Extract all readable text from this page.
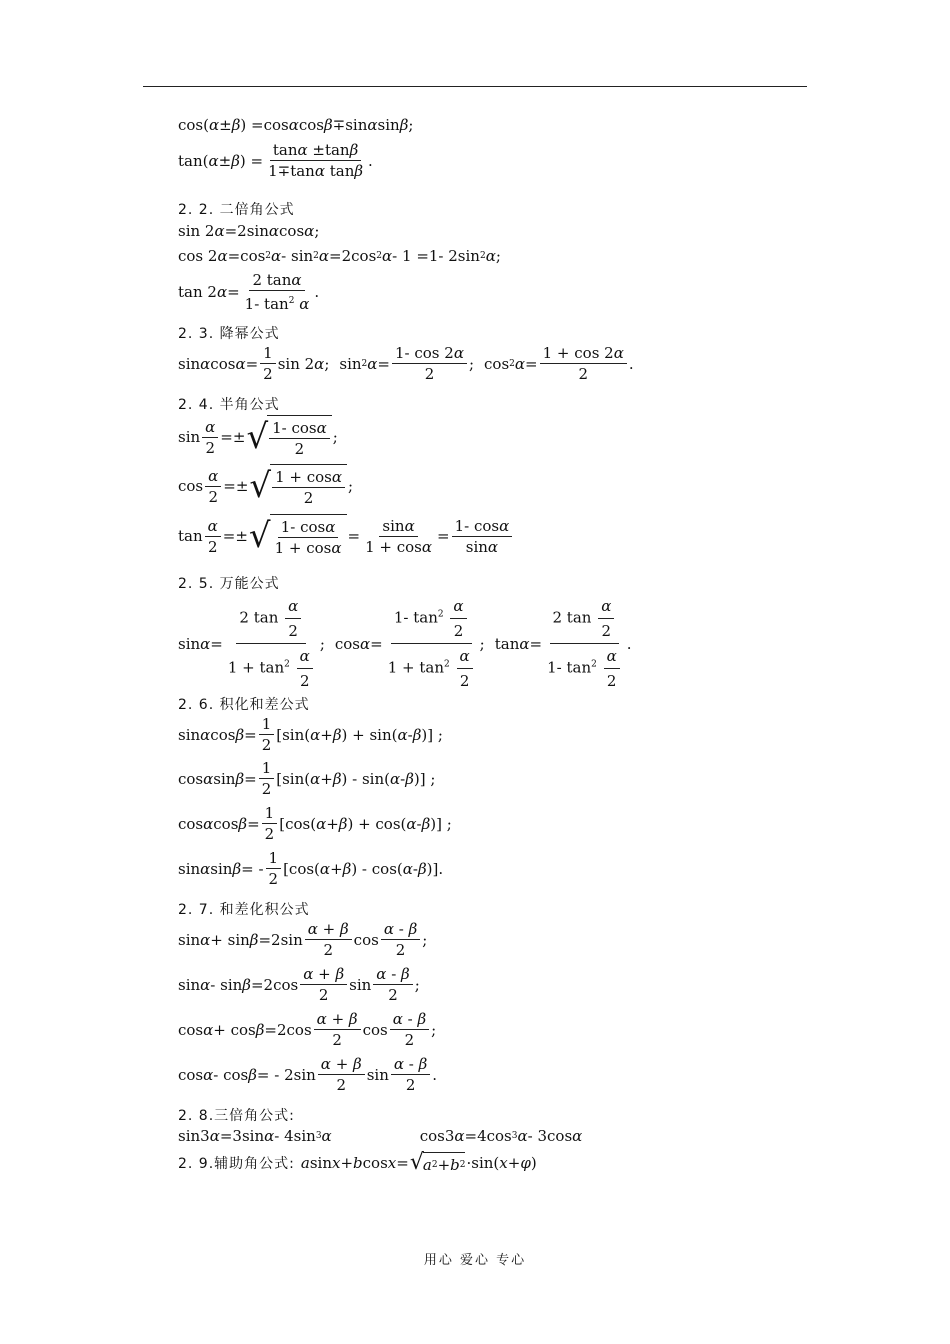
cos( α ± β ) =cos α cos β ∓sin α sin β ;
tan( α ± β ) = $\frac{\tan\alpha \pm\tan\beta}{\text{1∓tanα tanβ}}$ .
2. 2. 二倍角公式
sin 2 α =2sin α cos α ;
cos 2 α =cos 2 α - sin 2 α =2cos 2 α - 1 =1- 2sin 2 α ;
tan 2 $\alpha = \frac{2 \tan\alpha}{1- \tan^2 \alpha}$ .
2. 3. 降幂公式
sin α $\cos \alpha = \frac{1}{2}$ sin 2 α ;
sin 2 $\alpha = \frac{1- \cos 2\alpha}{2}$ ;
cos 2 $\alpha = \frac{1 + \cos 2\alpha}{2}$ .
2. 4. 半角公式
$\sin \frac{\alpha}{2}$ =± √ $\frac{1- \cos\alpha}{2}$ ;
$\cos \frac{\alpha}{2}$ =± √ $\frac{1 + \cos\alpha}{2}$ ;
$\tan \frac{\alpha}{2}$ =± √ $\frac{1- \cos\alpha}{1 + \cos\alpha} = \frac{\sin\alpha}{1 + \cos\alpha} = \frac{1- \cos\alpha}{\sin\alpha}$
2. 5. 万能公式
$\sin \alpha = \frac{2 \tan \frac{\alpha}{2}}{1 + \tan^2 \frac{\alpha}{2}}$ ;
$\cos \alpha = \frac{1- \tan^2 \frac{\alpha}{2}}{1 + \tan^2 \frac{\alpha}{2}}$ ;
$\tan \alpha = \frac{2 \tan \frac{\alpha}{2}}{1- \tan^2 \frac{\alpha}{2}}$ .
2. 6. 积化和差公式
sin α $\cos \beta = \frac{1}{2} [\sin$( α + β ) + sin( α - β )] ;
cos α $\sin \beta = \frac{1}{2} [\sin$( α + β ) - sin( α - β )] ;
cos α $\cos \beta = \frac{1}{2} [\cos$( α + β ) + cos( α - β )] ;
sin α sin β = - $\frac{1}{2} [\cos$( α + β ) - cos( α - β )].
2. 7. 和差化积公式
$\sin \alpha + \sin \beta =2\sin \frac{\alpha + \beta}{2}$ $\cos \frac{\alpha - \beta}{2}$ ;
$\sin \alpha - \sin \beta =2\cos \frac{\alpha + \beta}{2}$ $\sin \frac{\alpha - \beta}{2}$ ;
$\cos \alpha + \cos \beta =2\cos \frac{\alpha + \beta}{2}$ $\cos \frac{\alpha - \beta}{2}$ ;
cos α - cos β = - $2\sin \frac{\alpha + \beta}{2}$ $\sin \frac{\alpha - \beta}{2}$ .
2. 8.三倍角公式:
sin3 α =3sin α - 4sin 3 α	cos3 α =4cos 3 α - 3cos α
2. 9.辅助角公式: a sin x + b cos x = √ a 2 + b 2 ·sin( x + φ )
用心 爱心 专心
